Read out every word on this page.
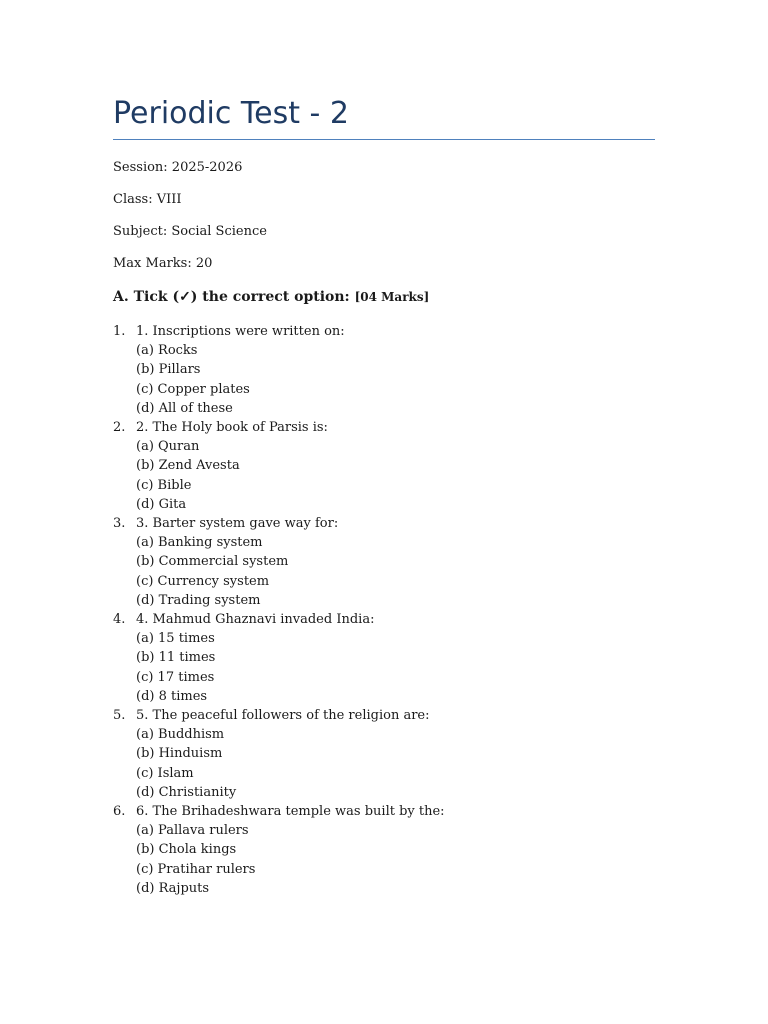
Periodic Test - 2
Session: 2025-2026
Class: VIII
Subject: Social Science
Max Marks: 20
A. Tick (✓) the correct option: [04 Marks]
1. 1. Inscriptions were written on:
(a) Rocks
(b) Pillars
(c) Copper plates
(d) All of these
2. 2. The Holy book of Parsis is:
(a) Quran
(b) Zend Avesta
(c) Bible
(d) Gita
3. 3. Barter system gave way for:
(a) Banking system
(b) Commercial system
(c) Currency system
(d) Trading system
4. 4. Mahmud Ghaznavi invaded India:
(a) 15 times
(b) 11 times
(c) 17 times
(d) 8 times
5. 5. The peaceful followers of the religion are:
(a) Buddhism
(b) Hinduism
(c) Islam
(d) Christianity
6. 6. The Brihadeshwara temple was built by the:
(a) Pallava rulers
(b) Chola kings
(c) Pratihar rulers
(d) Rajputs
